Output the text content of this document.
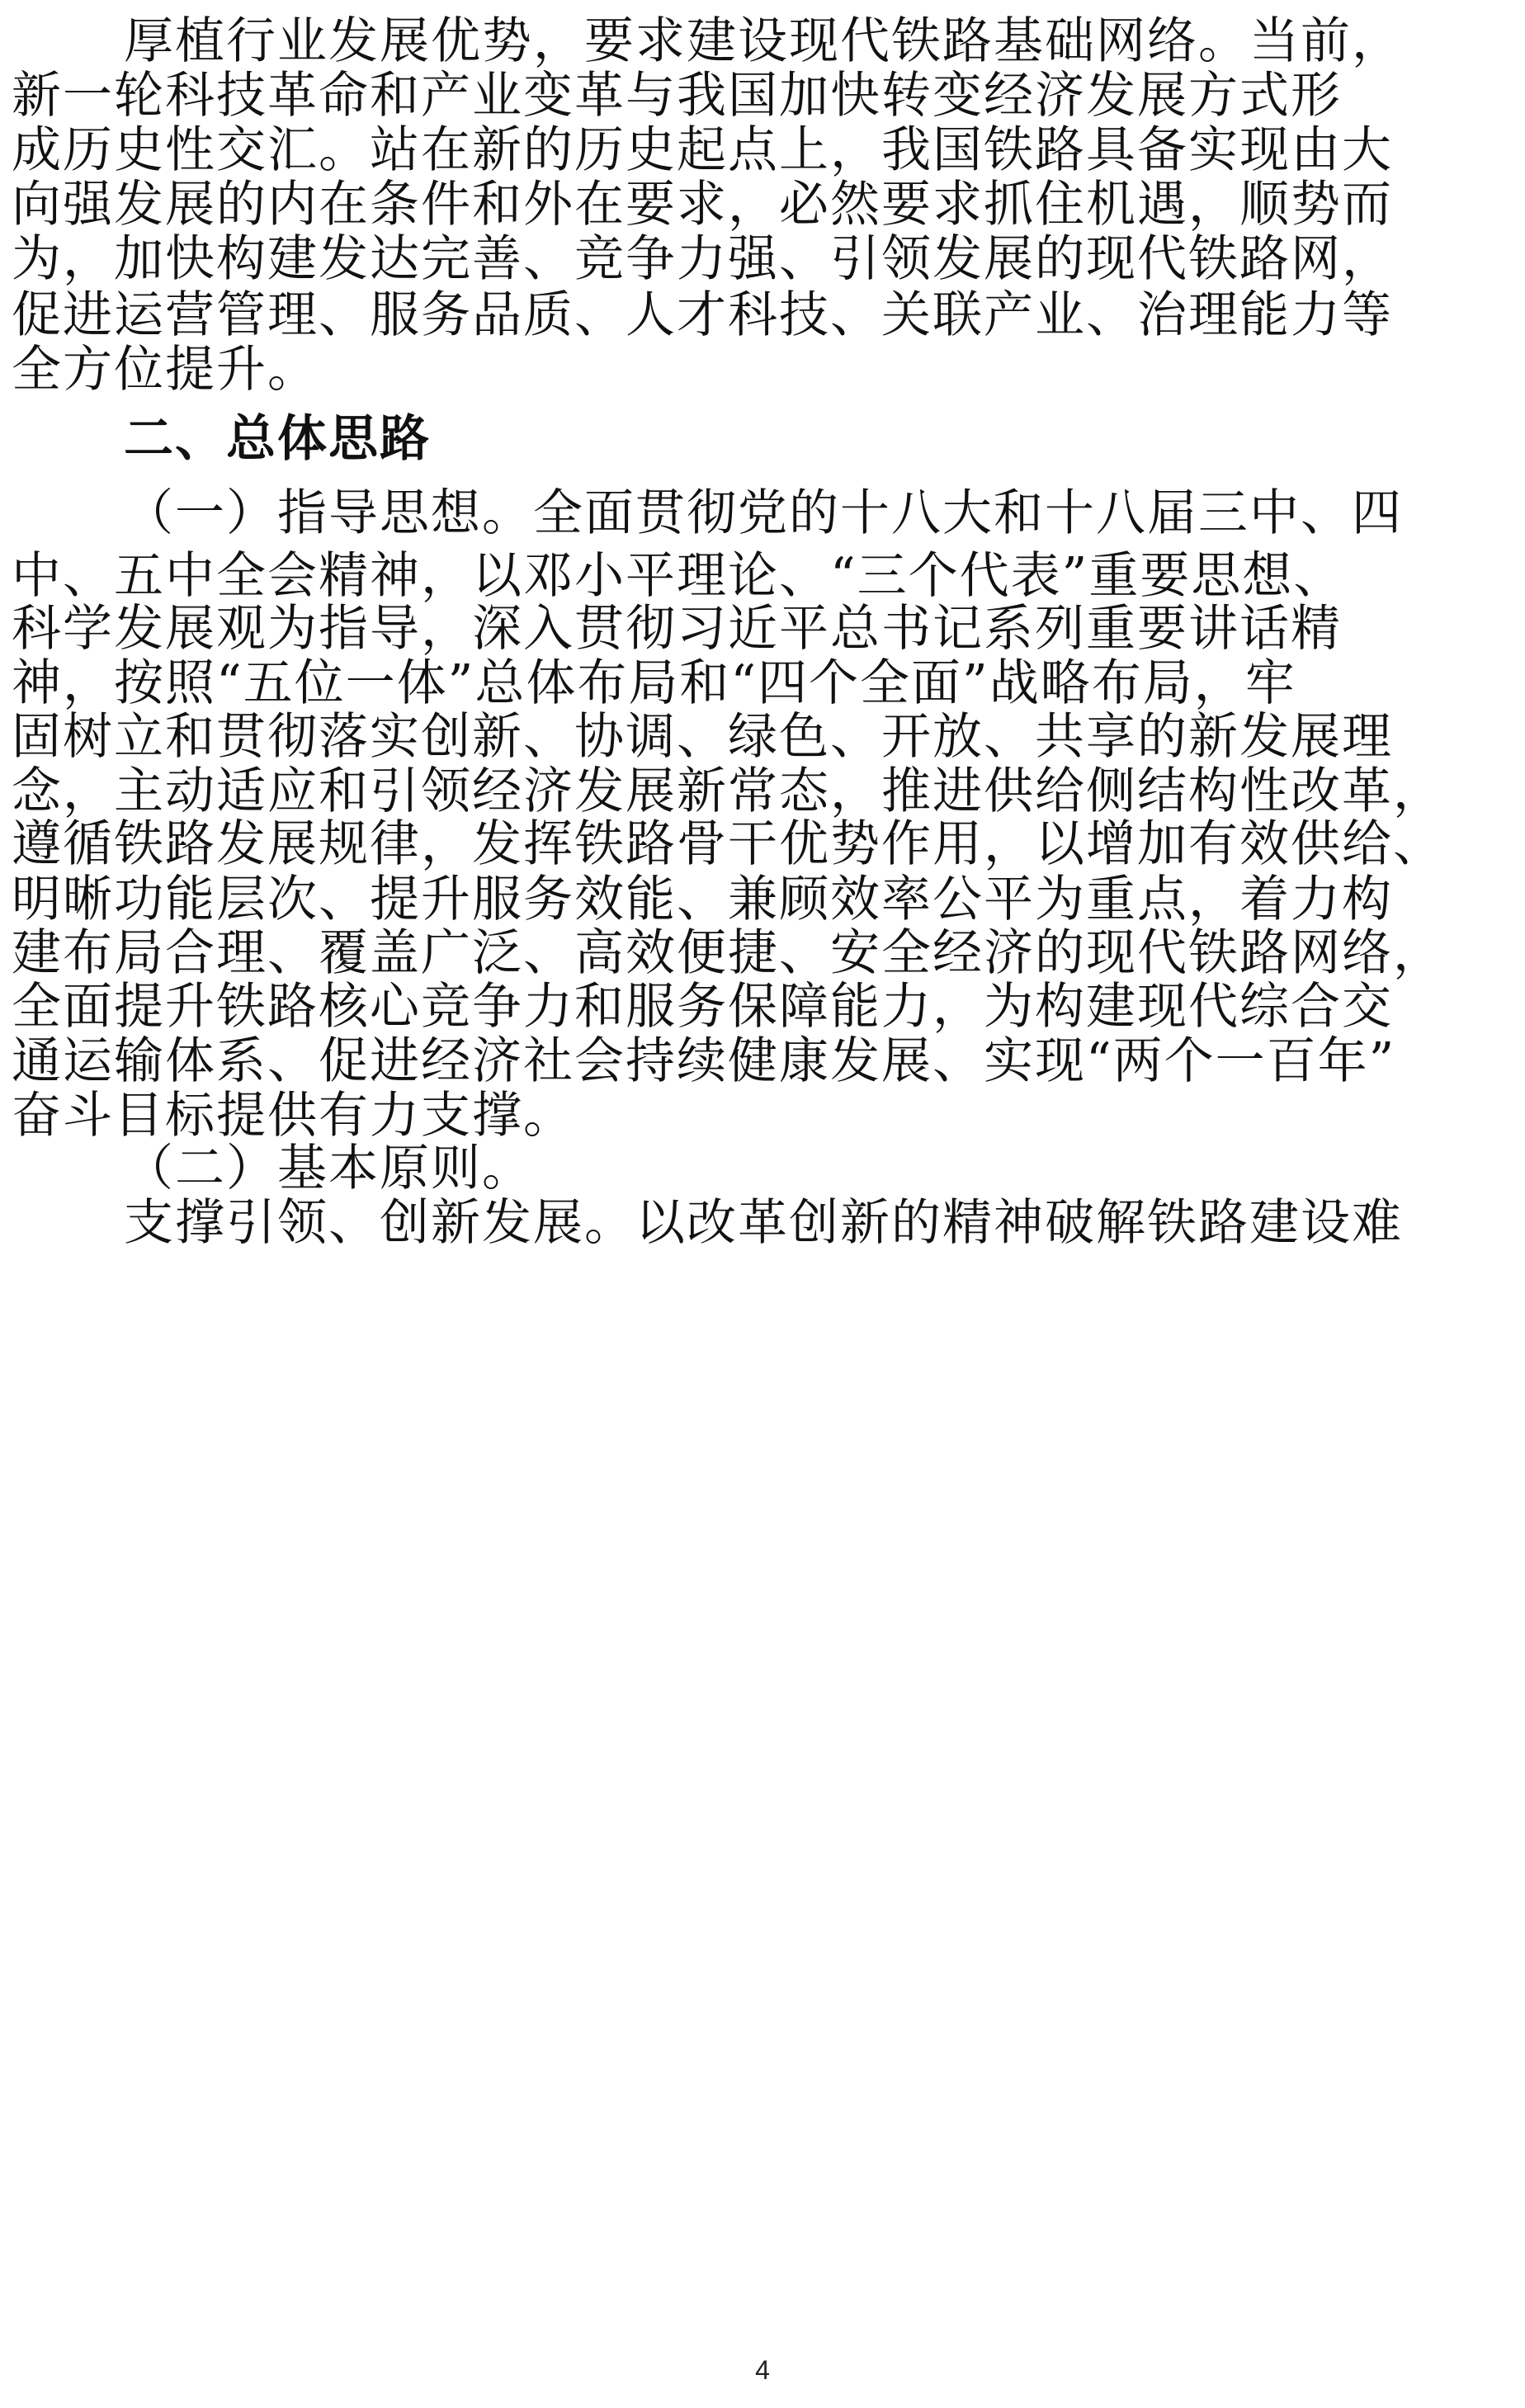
厚植行业发展优势，要求建设现代铁路基础网络。当前，
新一轮科技革命和产业变革与我国加快转变经济发展方式形
成历史性交汇。站在新的历史起点上，我国铁路具备实现由大
向强发展的内在条件和外在要求，必然要求抓住机遇，顺势而
为，加快构建发达完善、竞争力强、引领发展的现代铁路网，
促进运营管理、服务品质、人才科技、关联产业、治理能力等
全方位提升。
二、总体思路
（一）指导思想。全面贯彻党的十八大和十八届三中、四
中、五中全会精神，以邓小平理论、“三个代表”重要思想、
科学发展观为指导，深入贯彻习近平总书记系列重要讲话精
神，按照“五位一体”总体布局和“四个全面”战略布局，牢
固树立和贯彻落实创新、协调、绿色、开放、共享的新发展理
念，主动适应和引领经济发展新常态，推进供给侧结构性改革，
遵循铁路发展规律，发挥铁路骨干优势作用，以增加有效供给、
明晰功能层次、提升服务效能、兼顾效率公平为重点，着力构
建布局合理、覆盖广泛、高效便捷、安全经济的现代铁路网络，
全面提升铁路核心竞争力和服务保障能力，为构建现代综合交
通运输体系、促进经济社会持续健康发展、实现“两个一百年”
奋斗目标提供有力支撑。
（二）基本原则。
支撑引领、创新发展。以改革创新的精神破解铁路建设难
4
